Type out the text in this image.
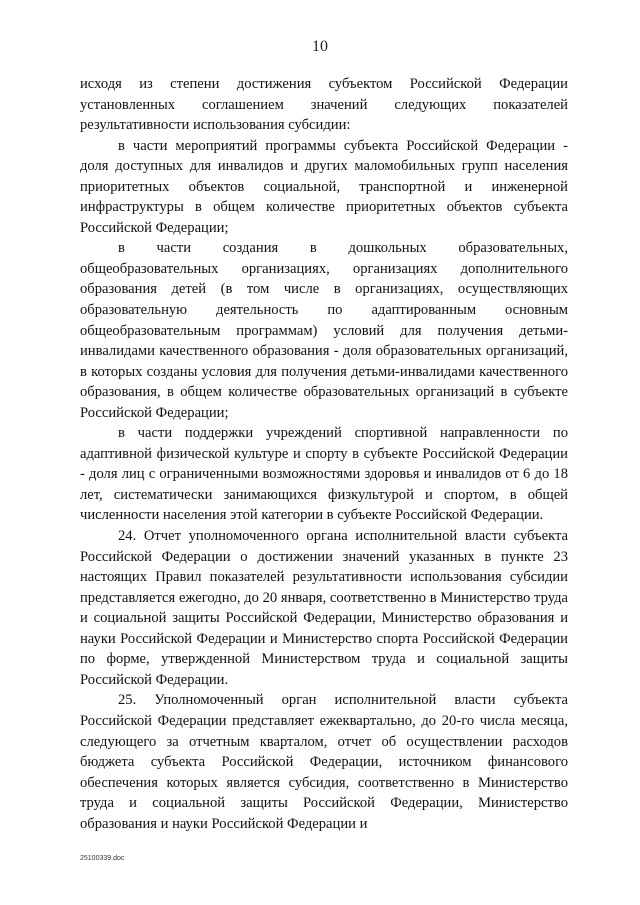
10

исходя из степени достижения субъектом Российской Федерации установленных соглашением значений следующих показателей результативности использования субсидии:

в части мероприятий программы субъекта Российской Федерации - доля доступных для инвалидов и других маломобильных групп населения приоритетных объектов социальной, транспортной и инженерной инфраструктуры в общем количестве приоритетных объектов субъекта Российской Федерации;

в части создания в дошкольных образовательных, общеобразовательных организациях, организациях дополнительного образования детей (в том числе в организациях, осуществляющих образовательную деятельность по адаптированным основным общеобразовательным программам) условий для получения детьми-инвалидами качественного образования - доля образовательных организаций, в которых созданы условия для получения детьми-инвалидами качественного образования, в общем количестве образовательных организаций в субъекте Российской Федерации;

в части поддержки учреждений спортивной направленности по адаптивной физической культуре и спорту в субъекте Российской Федерации - доля лиц с ограниченными возможностями здоровья и инвалидов от 6 до 18 лет, систематически занимающихся физкультурой и спортом, в общей численности населения этой категории в субъекте Российской Федерации.

24. Отчет уполномоченного органа исполнительной власти субъекта Российской Федерации о достижении значений указанных в пункте 23 настоящих Правил показателей результативности использования субсидии представляется ежегодно, до 20 января, соответственно в Министерство труда и социальной защиты Российской Федерации, Министерство образования и науки Российской Федерации и Министерство спорта Российской Федерации по форме, утвержденной Министерством труда и социальной защиты Российской Федерации.

25. Уполномоченный орган исполнительной власти субъекта Российской Федерации представляет ежеквартально, до 20-го числа месяца, следующего за отчетным кварталом, отчет об осуществлении расходов бюджета субъекта Российской Федерации, источником финансового обеспечения которых является субсидия, соответственно в Министерство труда и социальной защиты Российской Федерации, Министерство образования и науки Российской Федерации и

25100339.doc
